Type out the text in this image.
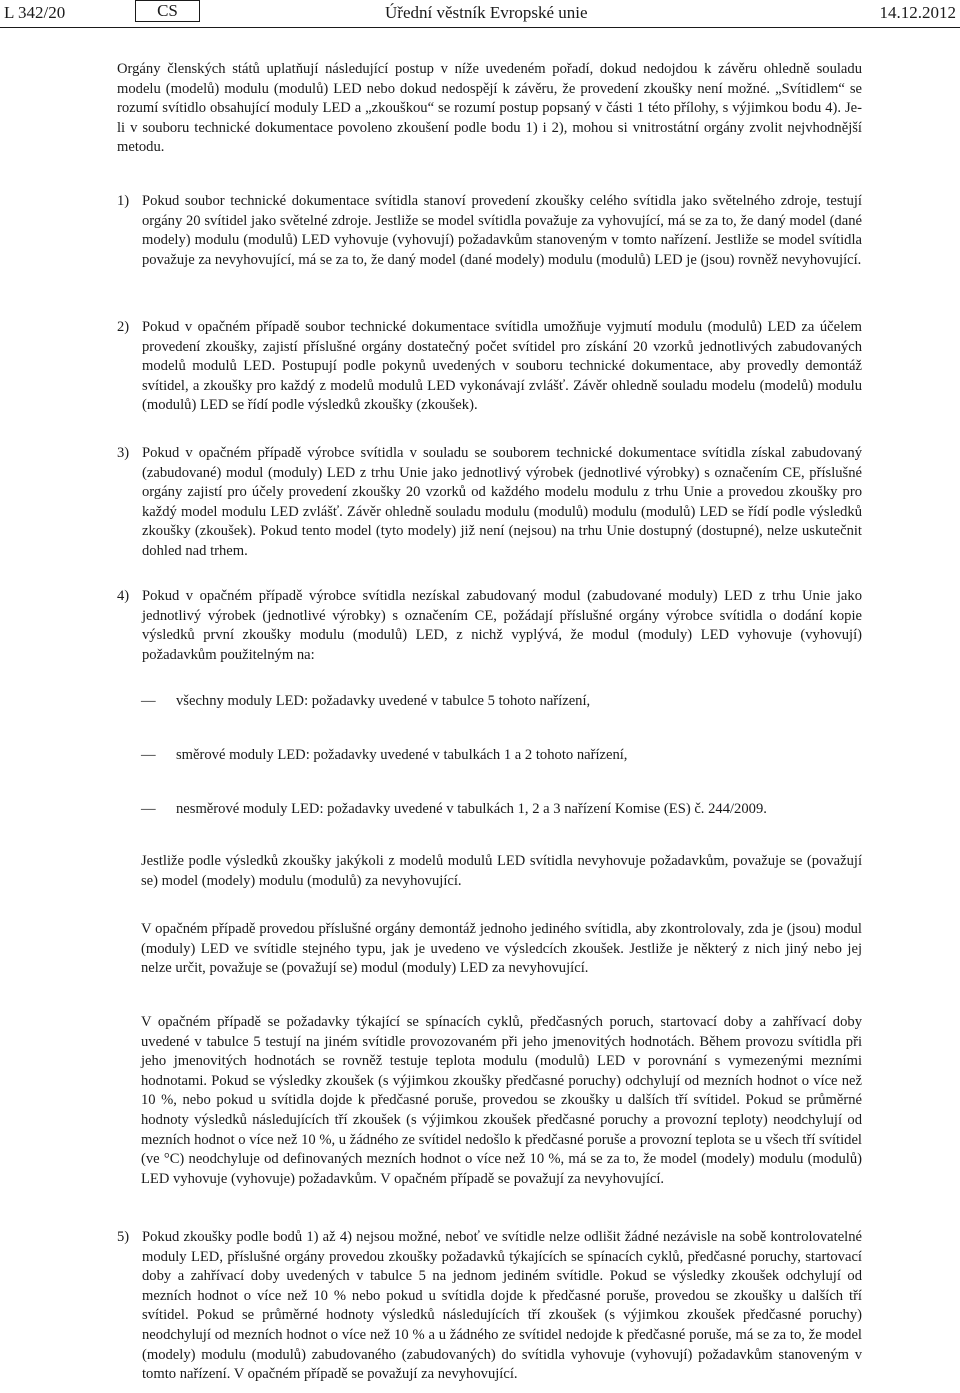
L 342/20	CS	Úřední věstník Evropské unie	14.12.2012

Orgány členských států uplatňují následující postup v níže uvedeném pořadí, dokud nedojdou k závěru ohledně souladu modelu (modelů) modulu (modulů) LED nebo dokud nedospějí k závěru, že provedení zkoušky není možné. „Svítidlem“ se rozumí svítidlo obsahující moduly LED a „zkouškou“ se rozumí postup popsaný v části 1 této přílohy, s výjimkou bodu 4). Je-li v souboru technické dokumentace povoleno zkoušení podle bodu 1) i 2), mohou si vnitrostátní orgány zvolit nejvhodnější metodu.

1) Pokud soubor technické dokumentace svítidla stanoví provedení zkoušky celého svítidla jako světelného zdroje, testují orgány 20 svítidel jako světelné zdroje. Jestliže se model svítidla považuje za vyhovující, má se za to, že daný model (dané modely) modulu (modulů) LED vyhovuje (vyhovují) požadavkům stanoveným v tomto nařízení. Jestliže se model svítidla považuje za nevyhovující, má se za to, že daný model (dané modely) modulu (modulů) LED je (jsou) rovněž nevyhovující.
2) Pokud v opačném případě soubor technické dokumentace svítidla umožňuje vyjmutí modulu (modulů) LED za účelem provedení zkoušky, zajistí příslušné orgány dostatečný počet svítidel pro získání 20 vzorků jednotlivých zabudovaných modelů modulů LED. Postupují podle pokynů uvedených v souboru technické dokumentace, aby provedly demontáž svítidel, a zkoušky pro každý z modelů modulů LED vykonávají zvlášť. Závěr ohledně souladu modelu (modelů) modulu (modulů) LED se řídí podle výsledků zkoušky (zkoušek).
3) Pokud v opačném případě výrobce svítidla v souladu se souborem technické dokumentace svítidla získal zabudovaný (zabudované) modul (moduly) LED z trhu Unie jako jednotlivý výrobek (jednotlivé výrobky) s označením CE, příslušné orgány zajistí pro účely provedení zkoušky 20 vzorků od každého modelu modulu z trhu Unie a provedou zkoušky pro každý model modulu LED zvlášť. Závěr ohledně souladu modulu (modulů) modulu (modulů) LED se řídí podle výsledků zkoušky (zkoušek). Pokud tento model (tyto modely) již není (nejsou) na trhu Unie dostupný (dostupné), nelze uskutečnit dohled nad trhem.
4) Pokud v opačném případě výrobce svítidla nezískal zabudovaný modul (zabudované moduly) LED z trhu Unie jako jednotlivý výrobek (jednotlivé výrobky) s označením CE, požádají příslušné orgány výrobce svítidla o dodání kopie výsledků první zkoušky modulu (modulů) LED, z nichž vyplývá, že modul (moduly) LED vyhovuje (vyhovují) požadavkům použitelným na:
— všechny moduly LED: požadavky uvedené v tabulce 5 tohoto nařízení,
— směrové moduly LED: požadavky uvedené v tabulkách 1 a 2 tohoto nařízení,
— nesměrové moduly LED: požadavky uvedené v tabulkách 1, 2 a 3 nařízení Komise (ES) č. 244/2009.

Jestliže podle výsledků zkoušky jakýkoli z modelů modulů LED svítidla nevyhovuje požadavkům, považuje se (považují se) model (modely) modulu (modulů) za nevyhovující.

V opačném případě provedou příslušné orgány demontáž jednoho jediného svítidla, aby zkontrolovaly, zda je (jsou) modul (moduly) LED ve svítidle stejného typu, jak je uvedeno ve výsledcích zkoušek. Jestliže je některý z nich jiný nebo jej nelze určit, považuje se (považují se) modul (moduly) LED za nevyhovující.

V opačném případě se požadavky týkající se spínacích cyklů, předčasných poruch, startovací doby a zahřívací doby uvedené v tabulce 5 testují na jiném svítidle provozovaném při jeho jmenovitých hodnotách. Během provozu svítidla při jeho jmenovitých hodnotách se rovněž testuje teplota modulu (modulů) LED v porovnání s vymezenými mezními hodnotami. Pokud se výsledky zkoušek (s výjimkou zkoušky předčasné poruchy) odchylují od mezních hodnot o více než 10 %, nebo pokud u svítidla dojde k předčasné poruše, provedou se zkoušky u dalších tří svítidel. Pokud se průměrné hodnoty výsledků následujících tří zkoušek (s výjimkou zkoušek předčasné poruchy a provozní teploty) neodchylují od mezních hodnot o více než 10 %, u žádného ze svítidel nedošlo k předčasné poruše a provozní teplota se u všech tří svítidel (ve °C) neodchyluje od definovaných mezních hodnot o více než 10 %, má se za to, že model (modely) modulu (modulů) LED vyhovuje (vyhovuje) požadavkům. V opačném případě se považují za nevyhovující.

5) Pokud zkoušky podle bodů 1) až 4) nejsou možné, neboť ve svítidle nelze odlišit žádné nezávisle na sobě kontrolovatelné moduly LED, příslušné orgány provedou zkoušky požadavků týkajících se spínacích cyklů, předčasné poruchy, startovací doby a zahřívací doby uvedených v tabulce 5 na jednom jediném svítidle. Pokud se výsledky zkoušek odchylují od mezních hodnot o více než 10 % nebo pokud u svítidla dojde k předčasné poruše, provedou se zkoušky u dalších tří svítidel. Pokud se průměrné hodnoty výsledků následujících tří zkoušek (s výjimkou zkoušek předčasné poruchy) neodchylují od mezních hodnot o více než 10 % a u žádného ze svítidel nedojde k předčasné poruše, má se za to, že model (modely) modulu (modulů) zabudovaného (zabudovaných) do svítidla vyhovuje (vyhovují) požadavkům stanoveným v tomto nařízení. V opačném případě se považují za nevyhovující.
